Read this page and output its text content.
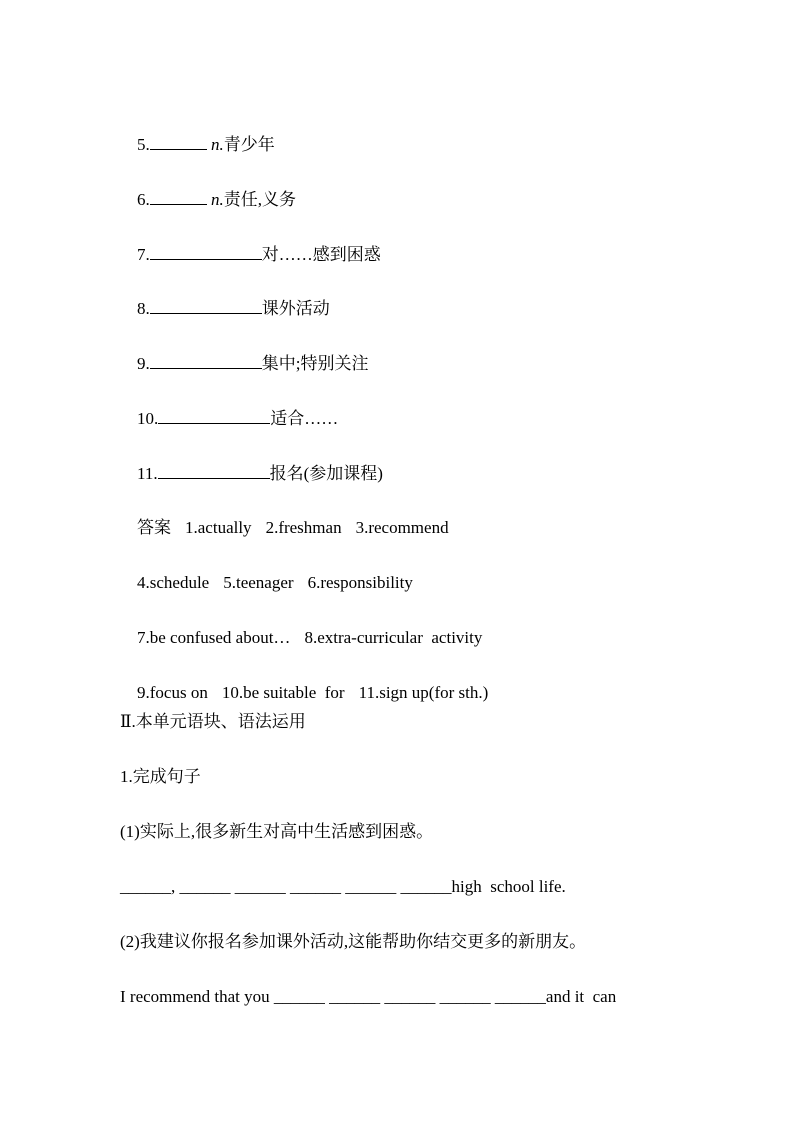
5.	n.青少年

6.	n.责任,义务

7.	对……感到困惑

8.	课外活动

9.	集中;特别关注

10.	适合……

11.	报名(参加课程)

答案 1.actually 2.freshman 3.recommend

4.schedule 5.teenager 6.responsibility

7.be confused about… 8.extra-curricular  activity

9.focus on 10.be suitable  for 11.sign up(for sth.)

Ⅱ.本单元语块、语法运用
1.完成句子
(1)实际上,很多新生对高中生活感到困惑。
______, ______ ______ ______ ______ ______high  school life.
(2)我建议你报名参加课外活动,这能帮助你结交更多的新朋友。
I recommend that you ______ ______ ______ ______ ______and it  can
